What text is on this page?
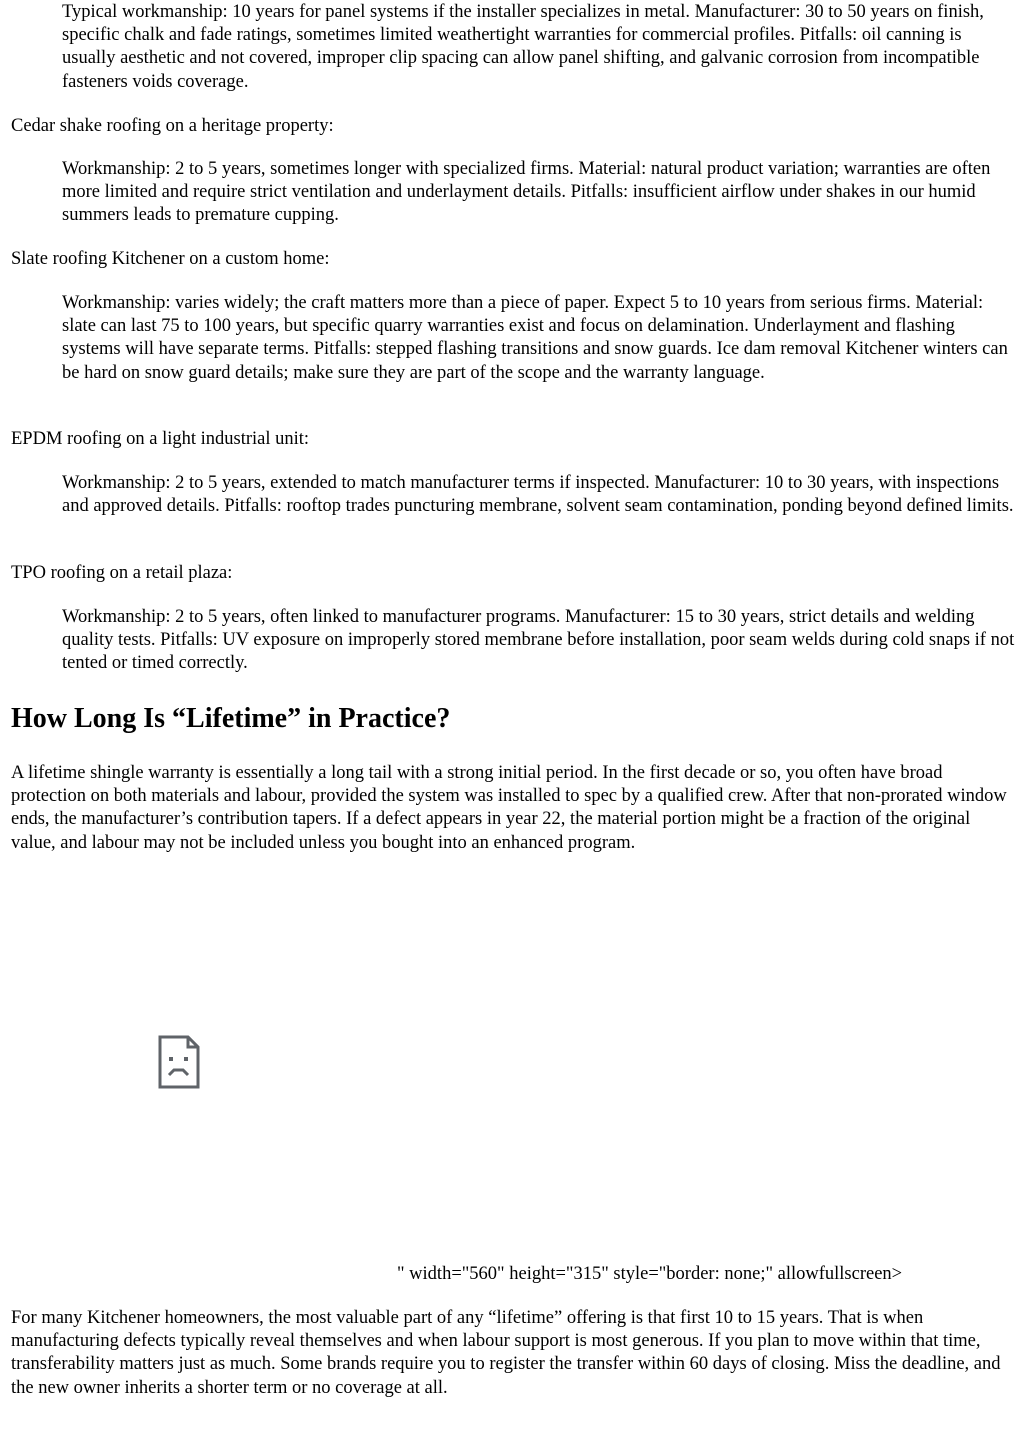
Typical workmanship: 10 years for panel systems if the installer specializes in metal. Manufacturer: 30 to 50 years on finish, specific chalk and fade ratings, sometimes limited weathertight warranties for commercial profiles. Pitfalls: oil canning is usually aesthetic and not covered, improper clip spacing can allow panel shifting, and galvanic corrosion from incompatible fasteners voids coverage.
Cedar shake roofing on a heritage property:
Workmanship: 2 to 5 years, sometimes longer with specialized firms. Material: natural product variation; warranties are often more limited and require strict ventilation and underlayment details. Pitfalls: insufficient airflow under shakes in our humid summers leads to premature cupping.
Slate roofing Kitchener on a custom home:
Workmanship: varies widely; the craft matters more than a piece of paper. Expect 5 to 10 years from serious firms. Material: slate can last 75 to 100 years, but specific quarry warranties exist and focus on delamination. Underlayment and flashing systems will have separate terms. Pitfalls: stepped flashing transitions and snow guards. Ice dam removal Kitchener winters can be hard on snow guard details; make sure they are part of the scope and the warranty language.
EPDM roofing on a light industrial unit:
Workmanship: 2 to 5 years, extended to match manufacturer terms if inspected. Manufacturer: 10 to 30 years, with inspections and approved details. Pitfalls: rooftop trades puncturing membrane, solvent seam contamination, ponding beyond defined limits.
TPO roofing on a retail plaza:
Workmanship: 2 to 5 years, often linked to manufacturer programs. Manufacturer: 15 to 30 years, strict details and welding quality tests. Pitfalls: UV exposure on improperly stored membrane before installation, poor seam welds during cold snaps if not tented or timed correctly.
How Long Is “Lifetime” in Practice?
A lifetime shingle warranty is essentially a long tail with a strong initial period. In the first decade or so, you often have broad protection on both materials and labour, provided the system was installed to spec by a qualified crew. After that non-prorated window ends, the manufacturer’s contribution tapers. If a defect appears in year 22, the material portion might be a fraction of the original value, and labour may not be included unless you bought into an enhanced program.
" width="560" height="315" style="border: none;" allowfullscreen>
For many Kitchener homeowners, the most valuable part of any “lifetime” offering is that first 10 to 15 years. That is when manufacturing defects typically reveal themselves and when labour support is most generous. If you plan to move within that time, transferability matters just as much. Some brands require you to register the transfer within 60 days of closing. Miss the deadline, and the new owner inherits a shorter term or no coverage at all.
